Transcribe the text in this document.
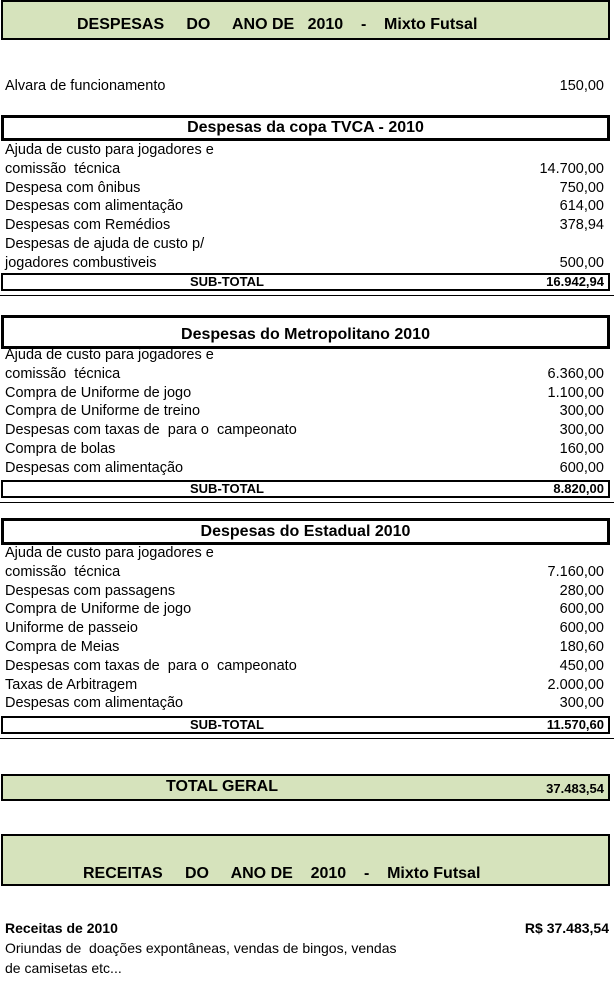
DESPESAS     DO     ANO DE   2010    -    Mixto Futsal
Alvara de funcionamento	150,00
Despesas da copa TVCA - 2010
Ajuda de custo para jogadores e
comissão  técnica	14.700,00
Despesa com ônibus	750,00
Despesas com alimentação	614,00
Despesas com Remédios	378,94
Despesas de ajuda de custo p/
jogadores combustiveis	500,00
SUB-TOTAL	16.942,94
Despesas do Metropolitano 2010
Ajuda de custo para jogadores e
comissão  técnica	6.360,00
Compra de Uniforme de jogo	1.100,00
Compra de Uniforme de treino	300,00
Despesas com taxas de  para o  campeonato	300,00
Compra de bolas	160,00
Despesas com alimentação	600,00
SUB-TOTAL	8.820,00
Despesas do Estadual 2010
Ajuda de custo para jogadores e
comissão  técnica	7.160,00
Despesas com passagens	280,00
Compra de Uniforme de jogo	600,00
Uniforme de passeio	600,00
Compra de Meias	180,60
Despesas com taxas de  para o  campeonato	450,00
Taxas de Arbitragem	2.000,00
Despesas com alimentação	300,00
SUB-TOTAL	11.570,60
TOTAL GERAL	37.483,54
RECEITAS     DO     ANO DE    2010    -    Mixto Futsal
Receitas de 2010	R$ 37.483,54
Oriundas de  doações expontâneas, vendas de bingos, vendas
de camisetas etc...
